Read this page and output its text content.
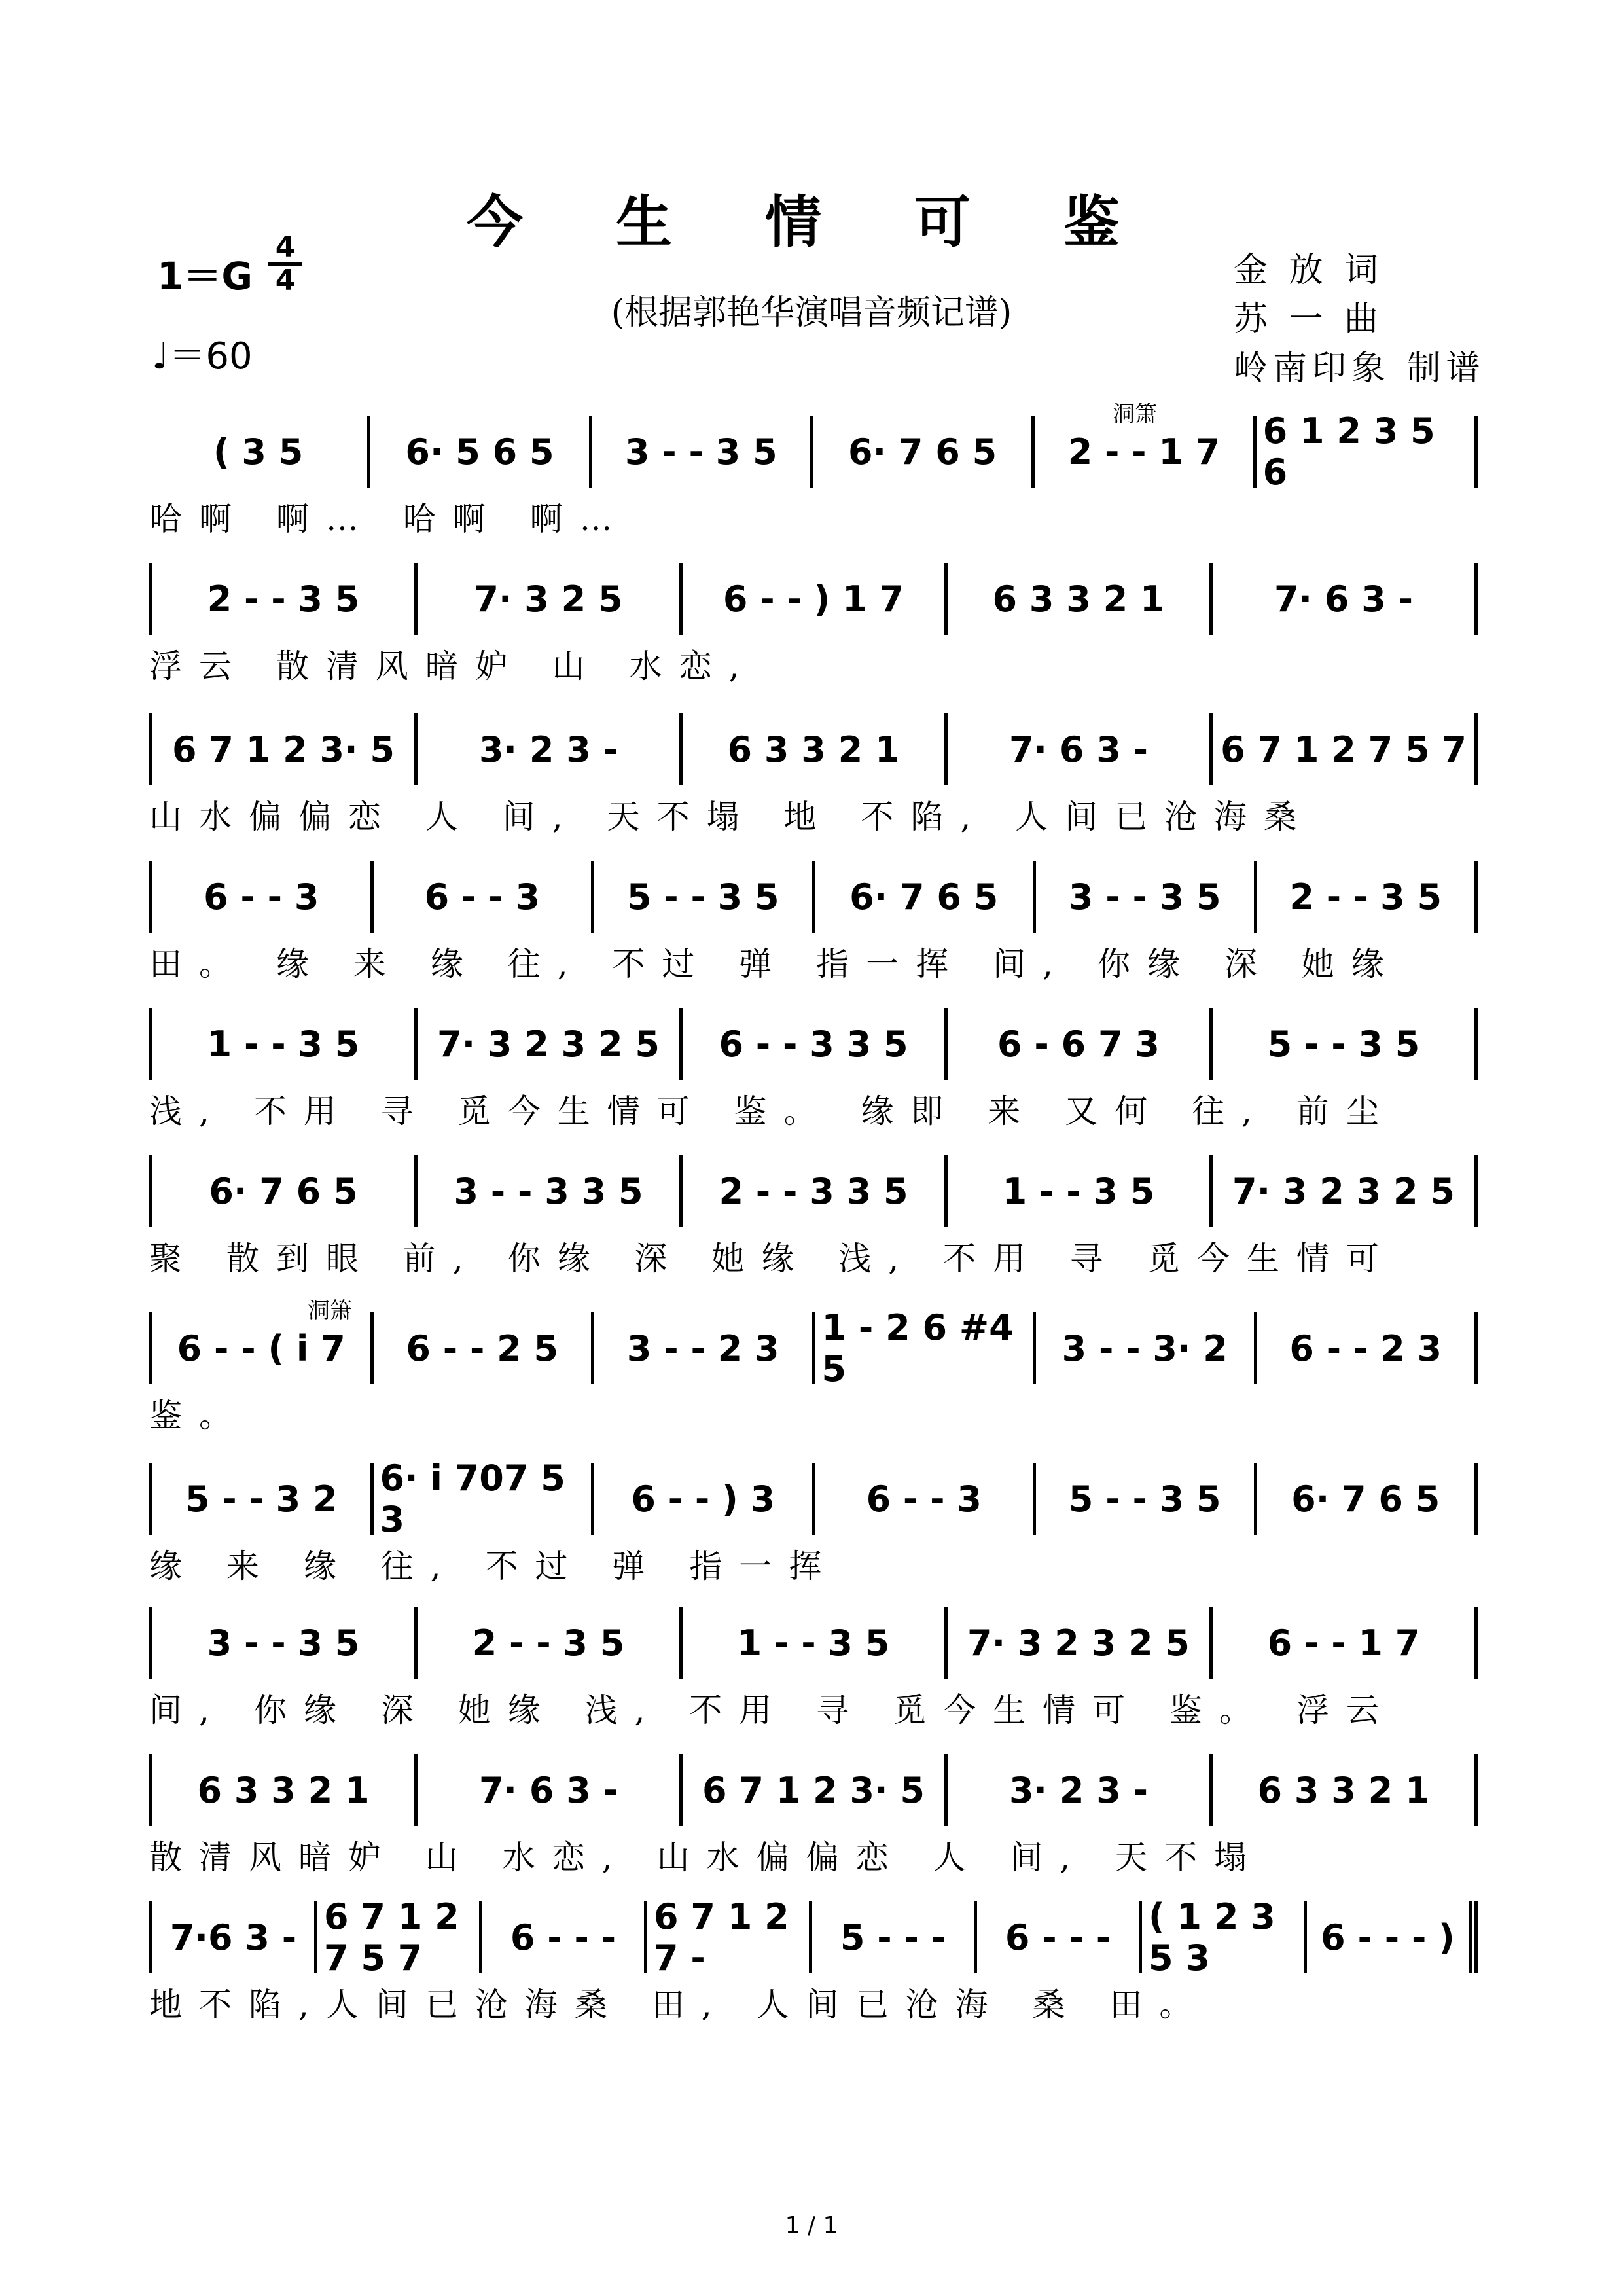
今 生 情 可 鉴
(根据郭艳华演唱音频记谱)
1＝G
4
4
♩＝60
金 放 词
苏 一 曲
岭南印象 制谱
洞箫
洞箫
( 3 5	6· 5 6 5	3 - - 3 5	6· 7 6 5	2 - - 1 7	6 1 2 3 5 6
哈啊 啊… 哈啊 啊…
2 - - 3 5	7· 3 2 5	6 - - ) 1 7	6 3 3 2 1	7· 6 3 -
浮云 散清风暗妒 山 水恋,
6 7 1 2 3· 5	3· 2 3 -	6 3 3 2 1	7· 6 3 -	6 7 1 2 7 5 7
山水偏偏恋 人 间, 天不塌 地 不陷, 人间已沧海桑
6 - - 3	6 - - 3	5 - - 3 5	6· 7 6 5	3 - - 3 5	2 - - 3 5
田。 缘 来 缘 往, 不过 弹 指一挥 间, 你缘 深 她缘
1 - - 3 5	7· 3 2 3 2 5	6 - - 3 3 5	6 - 6 7 3	5 - - 3 5
浅, 不用 寻 觅今生情可 鉴。 缘即 来 又何 往, 前尘
6· 7 6 5	3 - - 3 3 5	2 - - 3 3 5	1 - - 3 5	7· 3 2 3 2 5
聚 散到眼 前, 你缘 深 她缘 浅, 不用 寻 觅今生情可
6 - - ( i 7	6 - - 2 5	3 - - 2 3	1 - 2 6 #4 5	3 - - 3· 2	6 - - 2 3
鉴。
5 - - 3 2	6· i 707 5 3	6 - - ) 3	6 - - 3	5 - - 3 5	6· 7 6 5
缘 来 缘 往, 不过 弹 指一挥
3 - - 3 5	2 - - 3 5	1 - - 3 5	7· 3 2 3 2 5	6 - - 1 7
间, 你缘 深 她缘 浅, 不用 寻 觅今生情可 鉴。 浮云
6 3 3 2 1	7· 6 3 -	6 7 1 2 3· 5	3· 2 3 -	6 3 3 2 1
散清风暗妒 山 水恋, 山水偏偏恋 人 间, 天不塌
7·6 3 - 6 7 1 2 7 5 7	6 - - -	6 7 1 2 7 -	5 - - -	6 - - -	( 1 2 3 5 3	6 - - - )
地不陷,人间已沧海桑 田, 人间已沧海 桑 田。
1 / 1
